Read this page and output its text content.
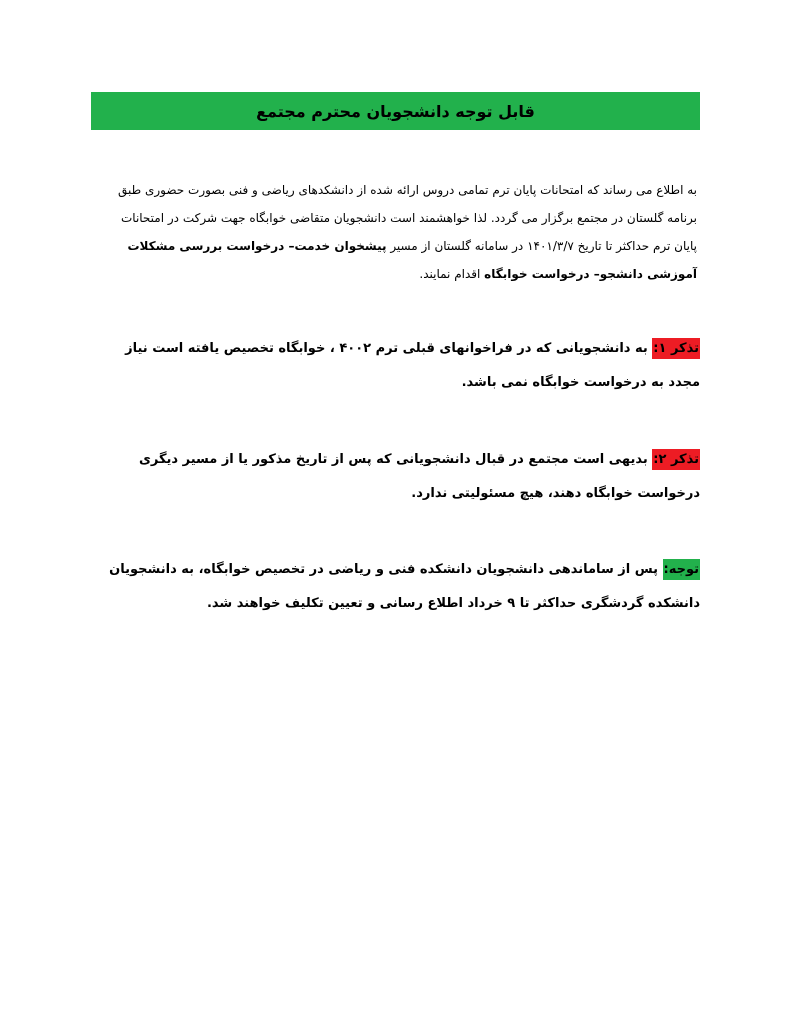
قابل توجه دانشجویان محترم مجتمع
به اطلاع می رساند که امتحانات پایان ترم تمامی دروس ارائه شده از دانشکدهای ریاضی و فنی بصورت حضوری طبق برنامه گلستان در مجتمع برگزار می گردد. لذا خواهشمند است دانشجویان متقاضی خوابگاه جهت شرکت در امتحانات پایان ترم حداکثر تا تاریخ ۱۴۰۱/۳/۷ در سامانه گلستان از مسیر پیشخوان خدمت– درخواست بررسی مشکلات آموزشی دانشجو– درخواست خوابگاه اقدام نمایند.
تذکر ۱: به دانشجویانی که در فراخوانهای قبلی ترم ۴۰۰۲ ، خوابگاه تخصیص یافته است نیاز مجدد به درخواست خوابگاه نمی باشد.
تذکر ۲: بدیهی است مجتمع در قبال دانشجویانی که پس از تاریخ مذکور یا از مسیر دیگری درخواست خوابگاه دهند، هیچ مسئولیتی ندارد.
توجه: پس از ساماندهی دانشجویان دانشکده فنی و ریاضی در تخصیص خوابگاه، به دانشجویان دانشکده گردشگری حداکثر تا ۹ خرداد اطلاع رسانی و تعیین تکلیف خواهند شد.
